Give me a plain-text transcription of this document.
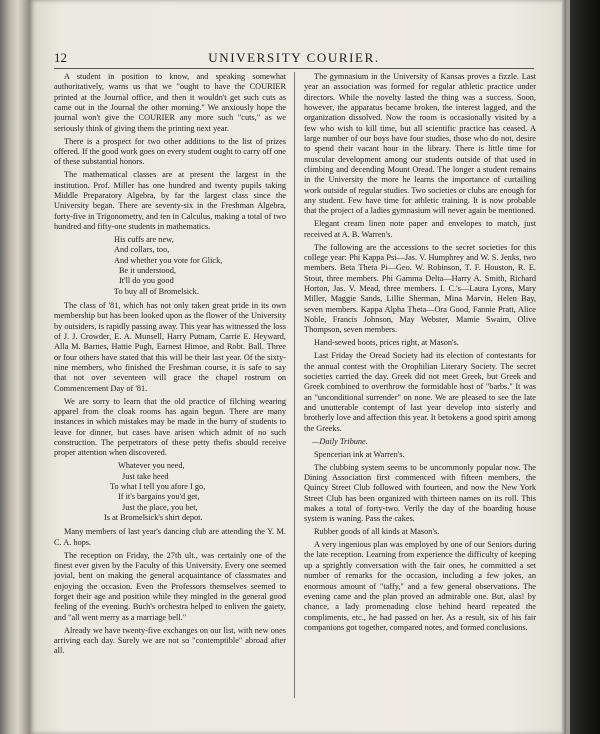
12	UNIVERSITY COURIER.

A student in position to know, and speaking somewhat authoritatively, warns us that we "ought to have the COURIER printed at the Journal office, and then it wouldn't get such cuts as came out in the Journal the other morning." We anxiously hope the journal won't give the COURIER any more such "cuts," as we seriously think of giving them the printing next year.

There is a prospect for two other additions to the list of prizes offered. If the good work goes on every student ought to carry off one of these substantial honors.

The mathematical classes are at present the largest in the institution. Prof. Miller has one hundred and twenty pupils taking Middle Preparatory Algebra, by far the largest class since the University began. There are seventy-six in the Freshman Algebra, forty-five in Trigonometry, and ten in Calculus, making a total of two hundred and fifty-one students in mathematics.

His cuffs are new,
And collars, too,
And whether you vote for Glick,
Be it understood,
It'll do you good
To buy all of Bromelsick.

The class of '81, which has not only taken great pride in its own membership but has been looked upon as the flower of the University by outsiders, is rapidly passing away. This year has witnessed the loss of J. J. Crowder, E. A. Munsell, Harry Putnam, Carrie E. Heyward, Alla M. Barnes, Hattie Pugh, Earnest Himoe, and Robt. Ball. Three or four others have stated that this will be their last year. Of the sixty-nine members, who finished the Freshman course, it is safe to say that not over seventeen will grace the chapel rostrum on Commencement Day of '81.

We are sorry to learn that the old practice of filching wearing apparel from the cloak rooms has again begun. There are many instances in which mistakes may be made in the hurry of students to leave for dinner, but cases have arisen which admit of no such construction. The perpetrators of these petty thefts should receive proper attention when discovered.

Whatever you need,
Just take heed
To what I tell you afore I go,
If it's bargains you'd get,
Just the place, you bet,
Is at Bromelsick's shirt depot.

Many members of last year's dancing club are attending the Y. M. C. A. hops.

The reception on Friday, the 27th ult., was certainly one of the finest ever given by the Faculty of this University. Every one seemed jovial, bent on making the general acquaintance of classmates and enjoying the occasion. Even the Professors themselves seemed to forget their age and position while they mingled in the general good feeling of the evening. Buch's orchestra helped to enliven the gaiety, and "all went merry as a marriage bell."

Already we have twenty-five exchanges on our list, with new ones arriving each day. Surely we are not so "contemptible" abroad after all.

The gymnasium in the University of Kansas proves a fizzle. Last year an association was formed for regular athletic practice under directors. While the novelty lasted the thing was a success. Soon, however, the apparatus became broken, the interest lagged, and the organization dissolved. Now the room is occasionally visited by a few who wish to kill time, but all scientific practice has ceased. A large number of our boys have four studies, those who do not, desire to spend their vacant hour in the library. There is little time for muscular development among our students outside of that used in climbing and decending Mount Oread. The longer a student remains in the University the more he learns the importance of curtailing work outside of regular studies. Two societies or clubs are enough for any student. Few have time for athletic training. It is now probable that the project of a ladies gymnasium will never again be mentioned.

Elegant cream linen note paper and envelopes to match, just received at A. B. Warren's.

The following are the accessions to the secret societies for this college year: Phi Kappa Psi—Jas. V. Humphrey and W. S. Jenks, two members. Beta Theta Pi—Geo. W. Robinson, T. F. Houston, R. E. Stout, three members. Phi Gamma Delta—Harry A. Smith, Richard Horton, Jas. V. Mead, three members. I. C.'s—Laura Lyons, Mary Miller, Maggie Sands, Lillie Sherman, Mina Marvin, Helen Bay, seven members. Kappa Alpha Theta—Ora Good, Fannie Pratt, Alice Noble, Francis Johnson, May Webster, Mamie Swaim, Olive Thompson, seven members.

Hand-sewed boots, prices right, at Mason's.

Last Friday the Oread Society had its election of contestants for the annual contest with the Orophilian Literary Society. The secret societies carried the day. Greek did not meet Greek, but Greek and Greek combined to overthrow the formidable host of "barbs." It was an "unconditional surrender" on none. We are pleased to see the late and unutterable contempt of last year develop into sisterly and brotherly love and affection this year. It betokens a good spirit among the Greeks.

—Daily Tribune.

Spencerian ink at Warren's.

The clubbing system seems to be uncommonly popular now. The Dining Association first commenced with fifteen members, the Quincy Street Club followed with fourteen, and now the New York Street Club has been organized with thirteen names on its roll. This makes a total of forty-two. Verily the day of the boarding house system is waning. Pass the cakes.

Rubber goods of all kinds at Mason's.

A very ingenious plan was employed by one of our Seniors during the late reception. Learning from experience the difficulty of keeping up a sprightly conversation with the fair ones, he committed a set number of remarks for the occasion, including a few jokes, an enormous amount of "taffy," and a few general observations. The evening came and the plan proved an admirable one. But, alas! by chance, a lady promenading close behind heard repeated the compliments, etc., he had passed on her. As a result, six of his fair companions got together, compared notes, and formed conclusions.
